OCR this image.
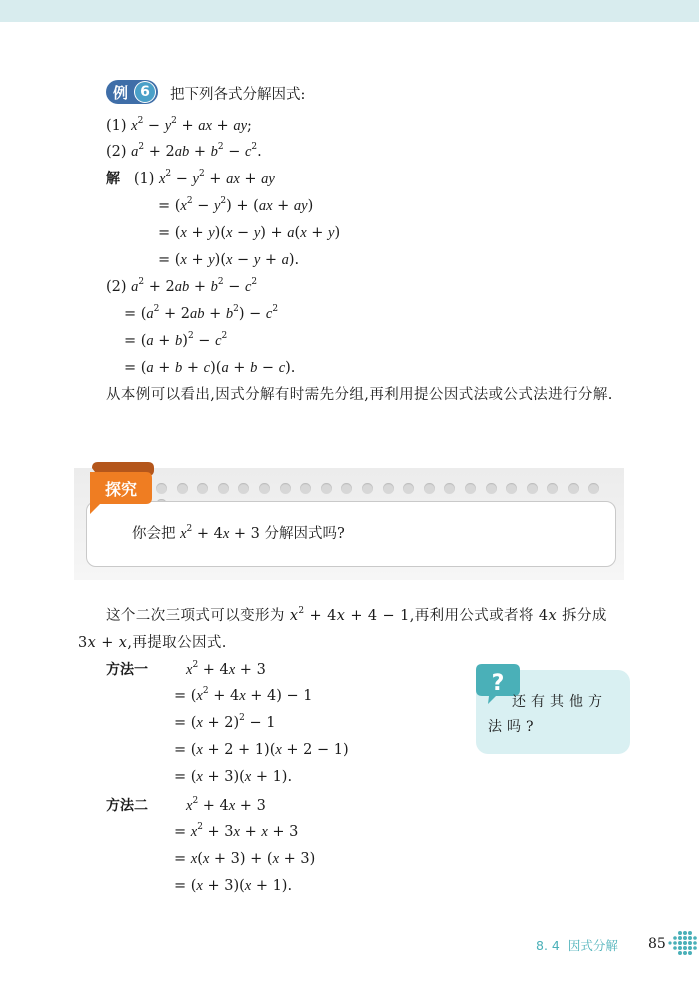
例 6	把下列各式分解因式:
(1) $x^2 - y^2$ + ax + ay;
(2) $a^2 + 2ab + b^2 - c^2$.
解   (1) $x^2 - y^2$ + ax + ay
= $(x^2 - y^2) + (ax + ay)$
= (x + y)(x − y) + a(x + y)
= (x + y)(x − y + a).
(2) $a^2 + 2ab + b^2 - c^2$
= $(a^2 + 2ab + b^2) - c^2$
= $(a + b)^2 - c^2$
= (a + b + c)(a + b − c).
从本例可以看出,因式分解有时需先分组,再利用提公因式法或公式法进行分解.
探究
你会把 $x^2 + 4x + 3$ 分解因式吗?
这个二次三项式可以变形为 $x^2 + 4x + 4 - 1$,再利用公式或者将 4x 拆分成 3x + x,再提取公因式.
方法一	$x^2 + 4x + 3$
= $(x^2 + 4x + 4) - 1$
= $(x + 2)^2 - 1$
= (x + 2 + 1)(x + 2 − 1)
= (x + 3)(x + 1).
方法二	$x^2 + 4x + 3$
= $x^2 + 3x + x + 3$
= x(x + 3) + (x + 3)
= (x + 3)(x + 1).
?
还有其他方法吗?
8. 4 因式分解 85
